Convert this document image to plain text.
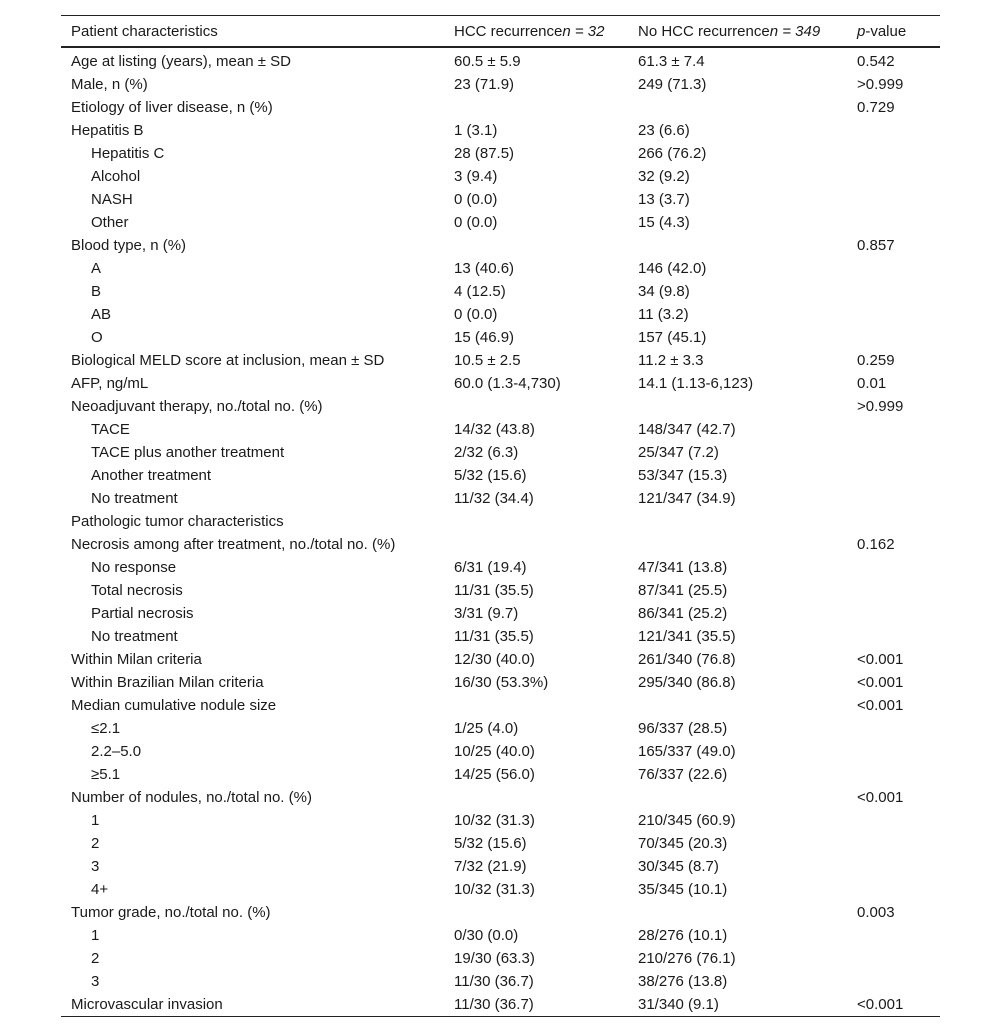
Patient characteristics	HCC recurrencen = 32	No HCC recurrencen = 349	p-value
Age at listing (years), mean ± SD	60.5 ± 5.9	61.3 ± 7.4	0.542
Male, n (%)	23 (71.9)	249 (71.3)	>0.999
Etiology of liver disease, n (%)			0.729
Hepatitis B	1 (3.1)	23 (6.6)	
Hepatitis C	28 (87.5)	266 (76.2)	
Alcohol	3 (9.4)	32 (9.2)	
NASH	0 (0.0)	13 (3.7)	
Other	0 (0.0)	15 (4.3)	
Blood type, n (%)			0.857
A	13 (40.6)	146 (42.0)	
B	4 (12.5)	34 (9.8)	
AB	0 (0.0)	11 (3.2)	
O	15 (46.9)	157 (45.1)	
Biological MELD score at inclusion, mean ± SD	10.5 ± 2.5	11.2 ± 3.3	0.259
AFP, ng/mL	60.0 (1.3-4,730)	14.1 (1.13-6,123)	0.01
Neoadjuvant therapy, no./total no. (%)			>0.999
TACE	14/32 (43.8)	148/347 (42.7)	
TACE plus another treatment	2/32 (6.3)	25/347 (7.2)	
Another treatment	5/32 (15.6)	53/347 (15.3)	
No treatment	11/32 (34.4)	121/347 (34.9)	
Pathologic tumor characteristics			
Necrosis among after treatment, no./total no. (%)			0.162
No response	6/31 (19.4)	47/341 (13.8)	
Total necrosis	11/31 (35.5)	87/341 (25.5)	
Partial necrosis	3/31 (9.7)	86/341 (25.2)	
No treatment	11/31 (35.5)	121/341 (35.5)	
Within Milan criteria	12/30 (40.0)	261/340 (76.8)	<0.001
Within Brazilian Milan criteria	16/30 (53.3%)	295/340 (86.8)	<0.001
Median cumulative nodule size			<0.001
≤2.1	1/25 (4.0)	96/337 (28.5)	
2.2–5.0	10/25 (40.0)	165/337 (49.0)	
≥5.1	14/25 (56.0)	76/337 (22.6)	
Number of nodules, no./total no. (%)			<0.001
1	10/32 (31.3)	210/345 (60.9)	
2	5/32 (15.6)	70/345 (20.3)	
3	7/32 (21.9)	30/345 (8.7)	
4+	10/32 (31.3)	35/345 (10.1)	
Tumor grade, no./total no. (%)			0.003
1	0/30 (0.0)	28/276 (10.1)	
2	19/30 (63.3)	210/276 (76.1)	
3	11/30 (36.7)	38/276 (13.8)	
Microvascular invasion	11/30 (36.7)	31/340 (9.1)	<0.001
